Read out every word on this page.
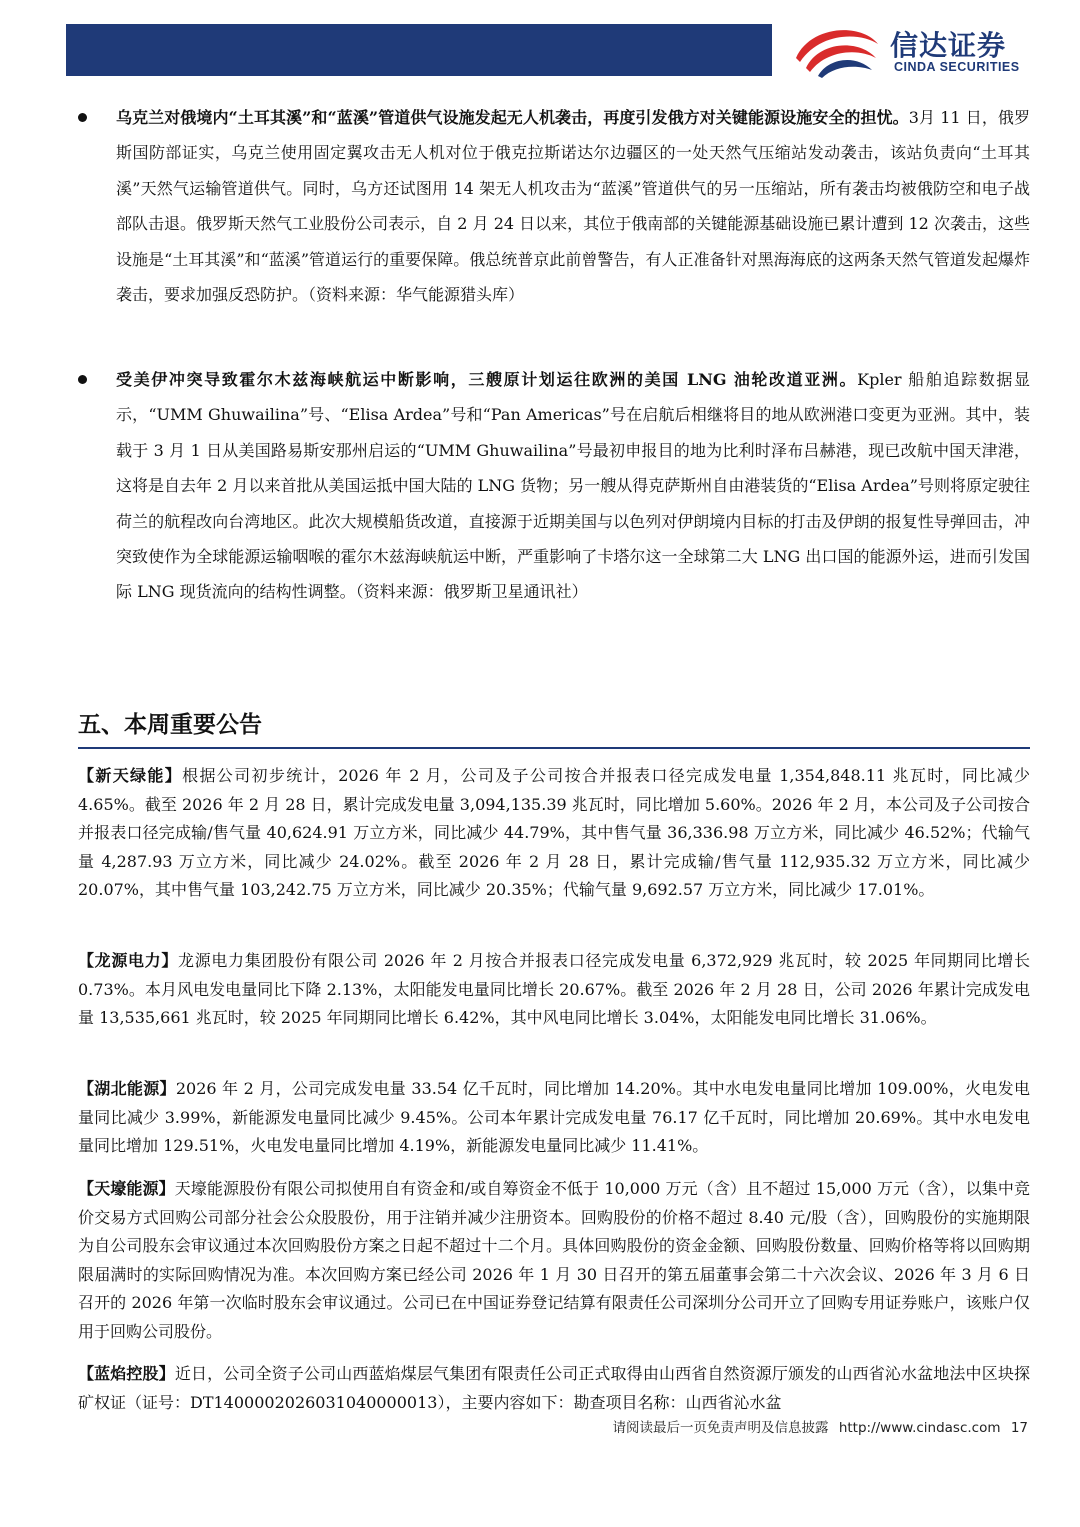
信达证券
CINDA SECURITIES
乌克兰对俄境内“土耳其溪”和“蓝溪”管道供气设施发起无人机袭击，再度引发俄方对关键能源设施安全的担忧。3月 11 日，俄罗斯国防部证实，乌克兰使用固定翼攻击无人机对位于俄克拉斯诺达尔边疆区的一处天然气压缩站发动袭击，该站负责向“土耳其溪”天然气运输管道供气。同时，乌方还试图用 14 架无人机攻击为“蓝溪”管道供气的另一压缩站，所有袭击均被俄防空和电子战部队击退。俄罗斯天然气工业股份公司表示，自 2 月 24 日以来，其位于俄南部的关键能源基础设施已累计遭到 12 次袭击，这些设施是“土耳其溪”和“蓝溪”管道运行的重要保障。俄总统普京此前曾警告，有人正准备针对黑海海底的这两条天然气管道发起爆炸袭击，要求加强反恐防护。（资料来源：华气能源猎头库）
受美伊冲突导致霍尔木兹海峡航运中断影响，三艘原计划运往欧洲的美国 LNG 油轮改道亚洲。Kpler 船舶追踪数据显示，“UMM Ghuwailina”号、“Elisa Ardea”号和“Pan Americas”号在启航后相继将目的地从欧洲港口变更为亚洲。其中，装载于 3 月 1 日从美国路易斯安那州启运的“UMM Ghuwailina”号最初申报目的地为比利时泽布吕赫港，现已改航中国天津港，这将是自去年 2 月以来首批从美国运抵中国大陆的 LNG 货物；另一艘从得克萨斯州自由港装货的“Elisa Ardea”号则将原定驶往荷兰的航程改向台湾地区。此次大规模船货改道，直接源于近期美国与以色列对伊朗境内目标的打击及伊朗的报复性导弹回击，冲突致使作为全球能源运输咽喉的霍尔木兹海峡航运中断，严重影响了卡塔尔这一全球第二大 LNG 出口国的能源外运，进而引发国际 LNG 现货流向的结构性调整。（资料来源：俄罗斯卫星通讯社）
五、本周重要公告
【新天绿能】根据公司初步统计，2026 年 2 月，公司及子公司按合并报表口径完成发电量 1,354,848.11 兆瓦时，同比减少 4.65%。截至 2026 年 2 月 28 日，累计完成发电量 3,094,135.39 兆瓦时，同比增加 5.60%。2026 年 2 月，本公司及子公司按合并报表口径完成输/售气量 40,624.91 万立方米，同比减少 44.79%，其中售气量 36,336.98 万立方米，同比减少 46.52%；代输气量 4,287.93 万立方米，同比减少 24.02%。截至 2026 年 2 月 28 日，累计完成输/售气量 112,935.32 万立方米，同比减少 20.07%，其中售气量 103,242.75 万立方米，同比减少 20.35%；代输气量 9,692.57 万立方米，同比减少 17.01%。
【龙源电力】龙源电力集团股份有限公司 2026 年 2 月按合并报表口径完成发电量 6,372,929 兆瓦时，较 2025 年同期同比增长 0.73%。本月风电发电量同比下降 2.13%，太阳能发电量同比增长 20.67%。截至 2026 年 2 月 28 日，公司 2026 年累计完成发电量 13,535,661 兆瓦时，较 2025 年同期同比增长 6.42%，其中风电同比增长 3.04%，太阳能发电同比增长 31.06%。
【湖北能源】2026 年 2 月，公司完成发电量 33.54 亿千瓦时，同比增加 14.20%。其中水电发电量同比增加 109.00%，火电发电量同比减少 3.99%，新能源发电量同比减少 9.45%。公司本年累计完成发电量 76.17 亿千瓦时，同比增加 20.69%。其中水电发电量同比增加 129.51%，火电发电量同比增加 4.19%，新能源发电量同比减少 11.41%。
【天壕能源】天壕能源股份有限公司拟使用自有资金和/或自筹资金不低于 10,000 万元（含）且不超过 15,000 万元（含），以集中竞价交易方式回购公司部分社会公众股股份，用于注销并减少注册资本。回购股份的价格不超过 8.40 元/股（含），回购股份的实施期限为自公司股东会审议通过本次回购股份方案之日起不超过十二个月。具体回购股份的资金金额、回购股份数量、回购价格等将以回购期限届满时的实际回购情况为准。本次回购方案已经公司 2026 年 1 月 30 日召开的第五届董事会第二十六次会议、2026 年 3 月 6 日召开的 2026 年第一次临时股东会审议通过。公司已在中国证券登记结算有限责任公司深圳分公司开立了回购专用证券账户，该账户仅用于回购公司股份。
【蓝焰控股】近日，公司全资子公司山西蓝焰煤层气集团有限责任公司正式取得由山西省自然资源厅颁发的山西省沁水盆地法中区块探矿权证（证号：DT1400002026031040000013），主要内容如下：勘查项目名称：山西省沁水盆
请阅读最后一页免责声明及信息披露 http://www.cindasc.com 17
